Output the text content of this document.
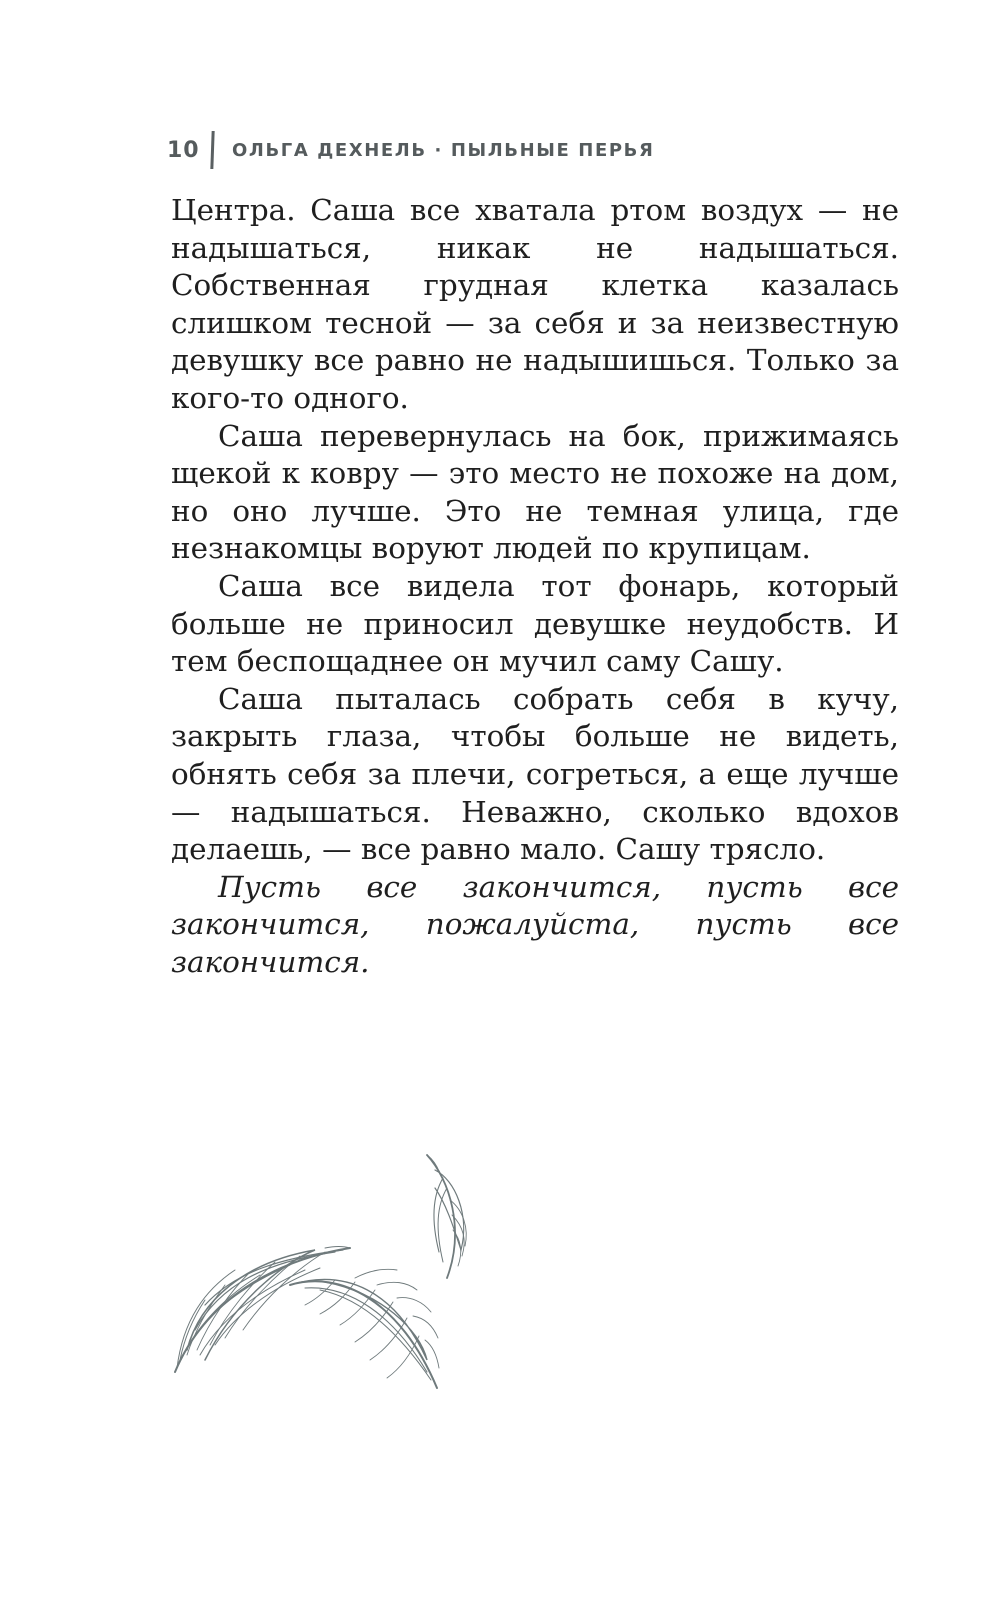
10	ОЛЬГА ДЕХНЕЛЬ · ПЫЛЬНЫЕ ПЕРЬЯ

Центра. Саша все хватала ртом воздух — не надышаться, никак не надышаться. Собственная грудная клетка казалась слишком тесной — за себя и за неизвестную девушку все равно не надышишься. Только за кого-то одного.

Саша перевернулась на бок, прижимаясь щекой к ковру — это место не похоже на дом, но оно лучше. Это не темная улица, где незнакомцы воруют людей по крупицам.

Саша все видела тот фонарь, который больше не приносил девушке неудобств. И тем беспощаднее он мучил саму Сашу.

Саша пыталась собрать себя в кучу, закрыть глаза, чтобы больше не видеть, обнять себя за плечи, согреться, а еще лучше — надышаться. Неважно, сколько вдохов делаешь, — все равно мало. Сашу трясло.

Пусть все закончится, пусть все закончится, пожалуйста, пусть все закончится.
